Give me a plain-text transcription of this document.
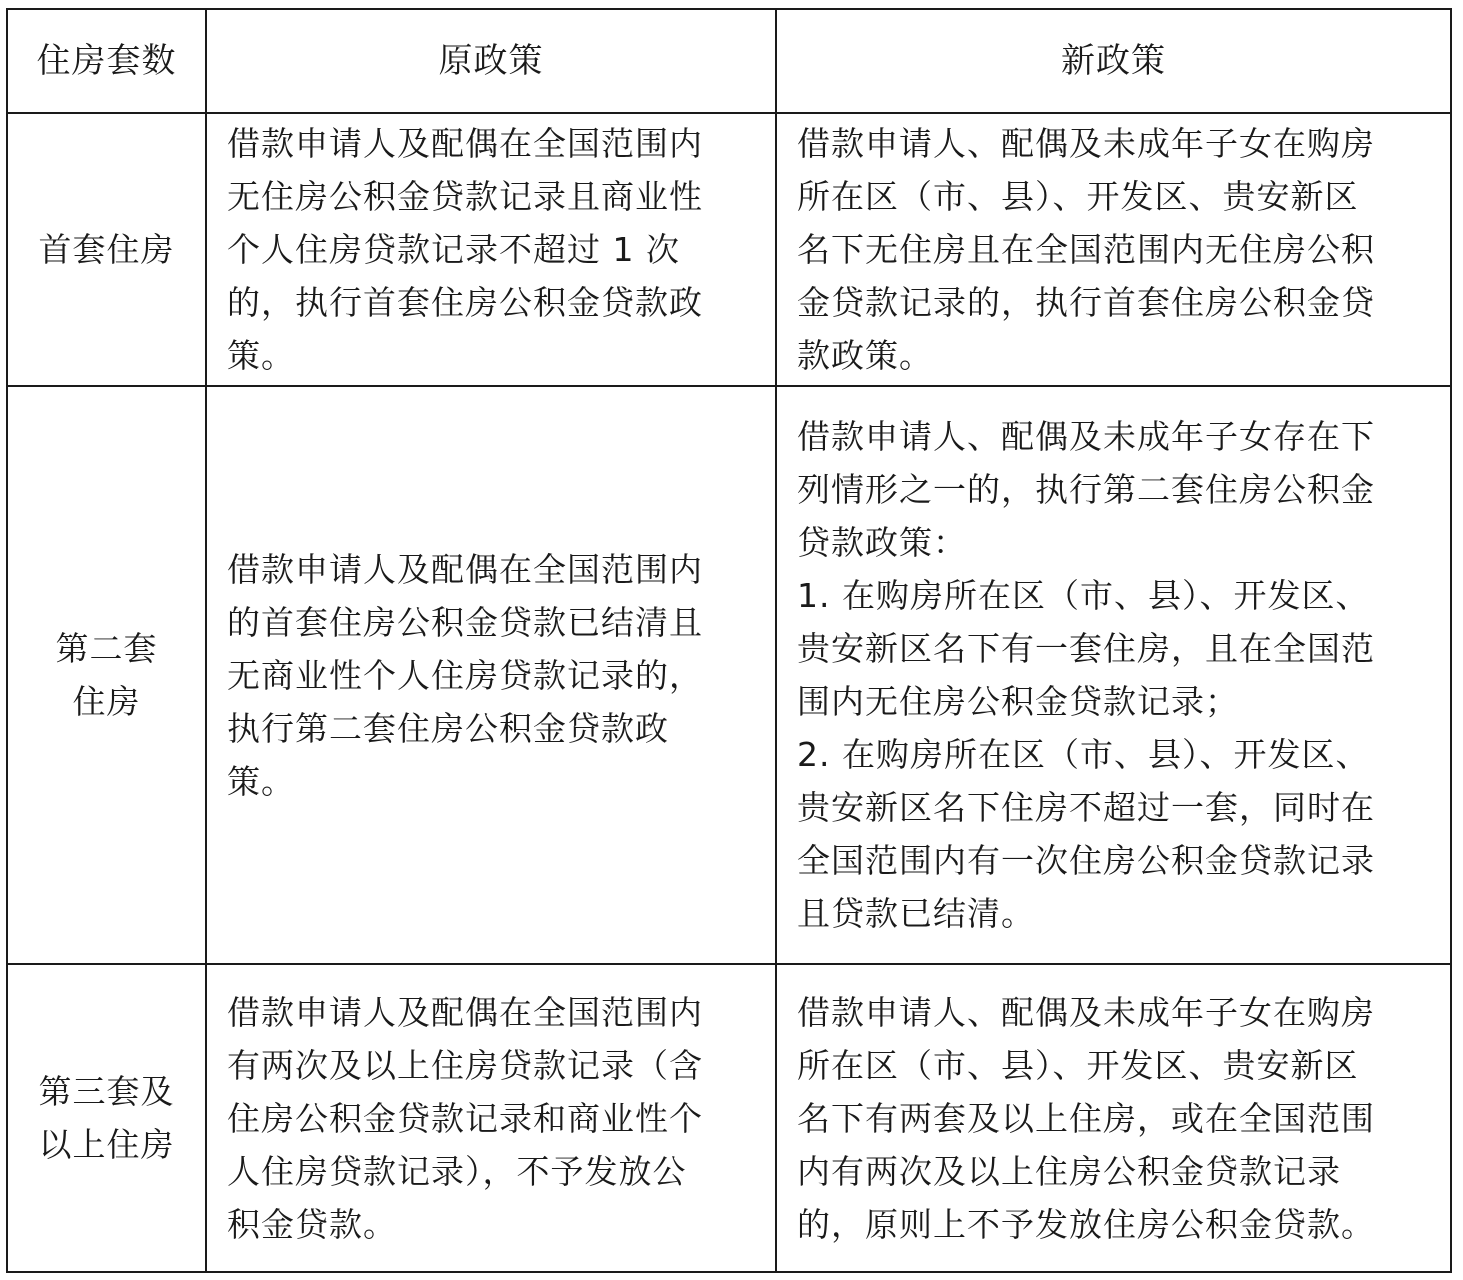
住房套数	原政策	新政策
首套住房
借款申请人及配偶在全国范围内
无住房公积金贷款记录且商业性
个人住房贷款记录不超过 1 次
的，执行首套住房公积金贷款政
策。
借款申请人、配偶及未成年子女在购房
所在区（市、县）、开发区、贵安新区
名下无住房且在全国范围内无住房公积
金贷款记录的，执行首套住房公积金贷
款政策。
第二套
住房
借款申请人及配偶在全国范围内
的首套住房公积金贷款已结清且
无商业性个人住房贷款记录的，
执行第二套住房公积金贷款政
策。
借款申请人、配偶及未成年子女存在下
列情形之一的，执行第二套住房公积金
贷款政策：
1. 在购房所在区（市、县）、开发区、
贵安新区名下有一套住房，且在全国范
围内无住房公积金贷款记录；
2. 在购房所在区（市、县）、开发区、
贵安新区名下住房不超过一套，同时在
全国范围内有一次住房公积金贷款记录
且贷款已结清。
第三套及
以上住房
借款申请人及配偶在全国范围内
有两次及以上住房贷款记录（含
住房公积金贷款记录和商业性个
人住房贷款记录），不予发放公
积金贷款。
借款申请人、配偶及未成年子女在购房
所在区（市、县）、开发区、贵安新区
名下有两套及以上住房，或在全国范围
内有两次及以上住房公积金贷款记录
的，原则上不予发放住房公积金贷款。
